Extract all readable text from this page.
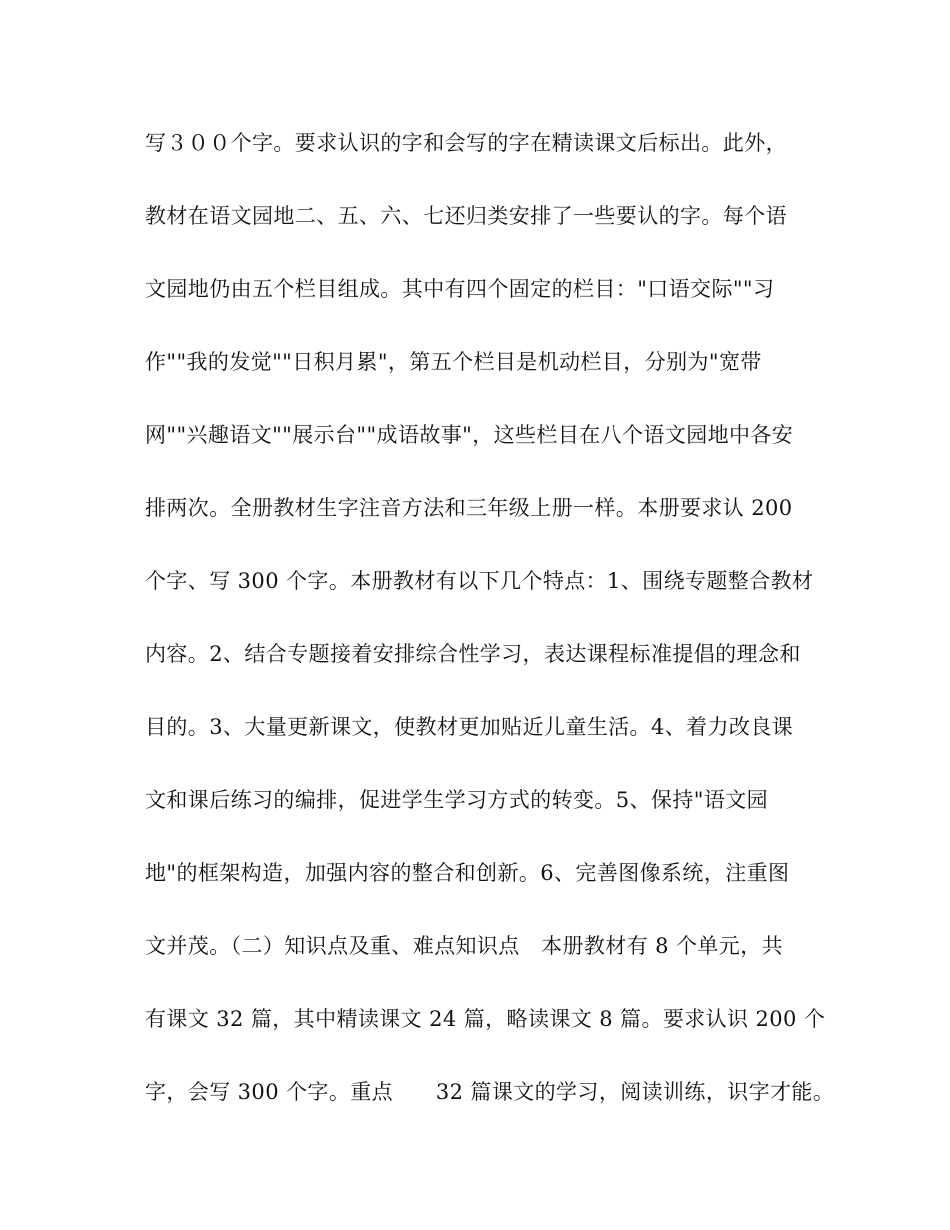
写３００个字。要求认识的字和会写的字在精读课文后标出。此外，
教材在语文园地二、五、六、七还归类安排了一些要认的字。每个语
文园地仍由五个栏目组成。其中有四个固定的栏目："口语交际""习
作""我的发觉""日积月累"，第五个栏目是机动栏目，分别为"宽带
网""兴趣语文""展示台""成语故事"，这些栏目在八个语文园地中各安
排两次。全册教材生字注音方法和三年级上册一样。本册要求认 200
个字、写 300 个字。本册教材有以下几个特点：1、围绕专题整合教材
内容。2、结合专题接着安排综合性学习，表达课程标准提倡的理念和
目的。3、大量更新课文，使教材更加贴近儿童生活。4、着力改良课
文和课后练习的编排，促进学生学习方式的转变。5、保持"语文园
地"的框架构造，加强内容的整合和创新。6、完善图像系统，注重图
文并茂。（二）知识点及重、难点知识点　本册教材有 8 个单元，共
有课文 32 篇，其中精读课文 24 篇，略读课文 8 篇。要求认识 200 个
字，会写 300 个字。重点　　32 篇课文的学习，阅读训练，识字才能。
